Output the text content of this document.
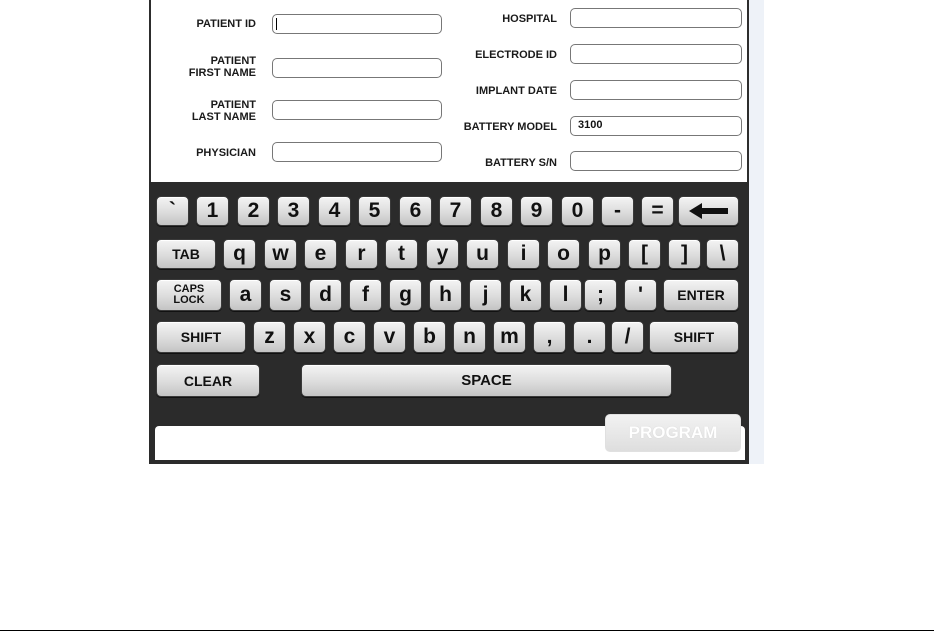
PATIENT ID
PATIENT
FIRST NAME
PATIENT
LAST NAME
PHYSICIAN
HOSPITAL
ELECTRODE ID
IMPLANT DATE
BATTERY MODEL	3100
BATTERY S/N
`	1	2	3	4	5	6	7	8	9	0	-	=
TAB	q	w	e	r	t	y	u	i	o	p	[	]	\
CAPS
LOCK	a	s	d	f	g	h	j	k	l	;	'	ENTER
SHIFT	z	x	c	v	b	n	m	,	.	/	SHIFT
CLEAR	SPACE
PROGRAM
